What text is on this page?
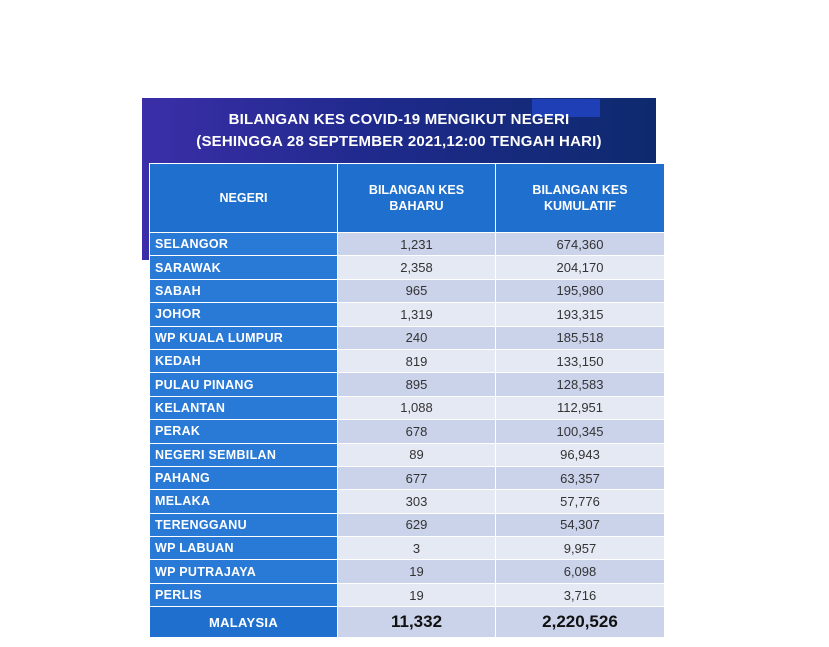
BILANGAN KES COVID-19 MENGIKUT NEGERI
(SEHINGGA 28 SEPTEMBER 2021,12:00 TENGAH HARI)
NEGERI	BILANGAN KES BAHARU	BILANGAN KES KUMULATIF
SELANGOR	1,231	674,360
SARAWAK	2,358	204,170
SABAH	965	195,980
JOHOR	1,319	193,315
WP KUALA LUMPUR	240	185,518
KEDAH	819	133,150
PULAU PINANG	895	128,583
KELANTAN	1,088	112,951
PERAK	678	100,345
NEGERI SEMBILAN	89	96,943
PAHANG	677	63,357
MELAKA	303	57,776
TERENGGANU	629	54,307
WP LABUAN	3	9,957
WP PUTRAJAYA	19	6,098
PERLIS	19	3,716
MALAYSIA	11,332	2,220,526
